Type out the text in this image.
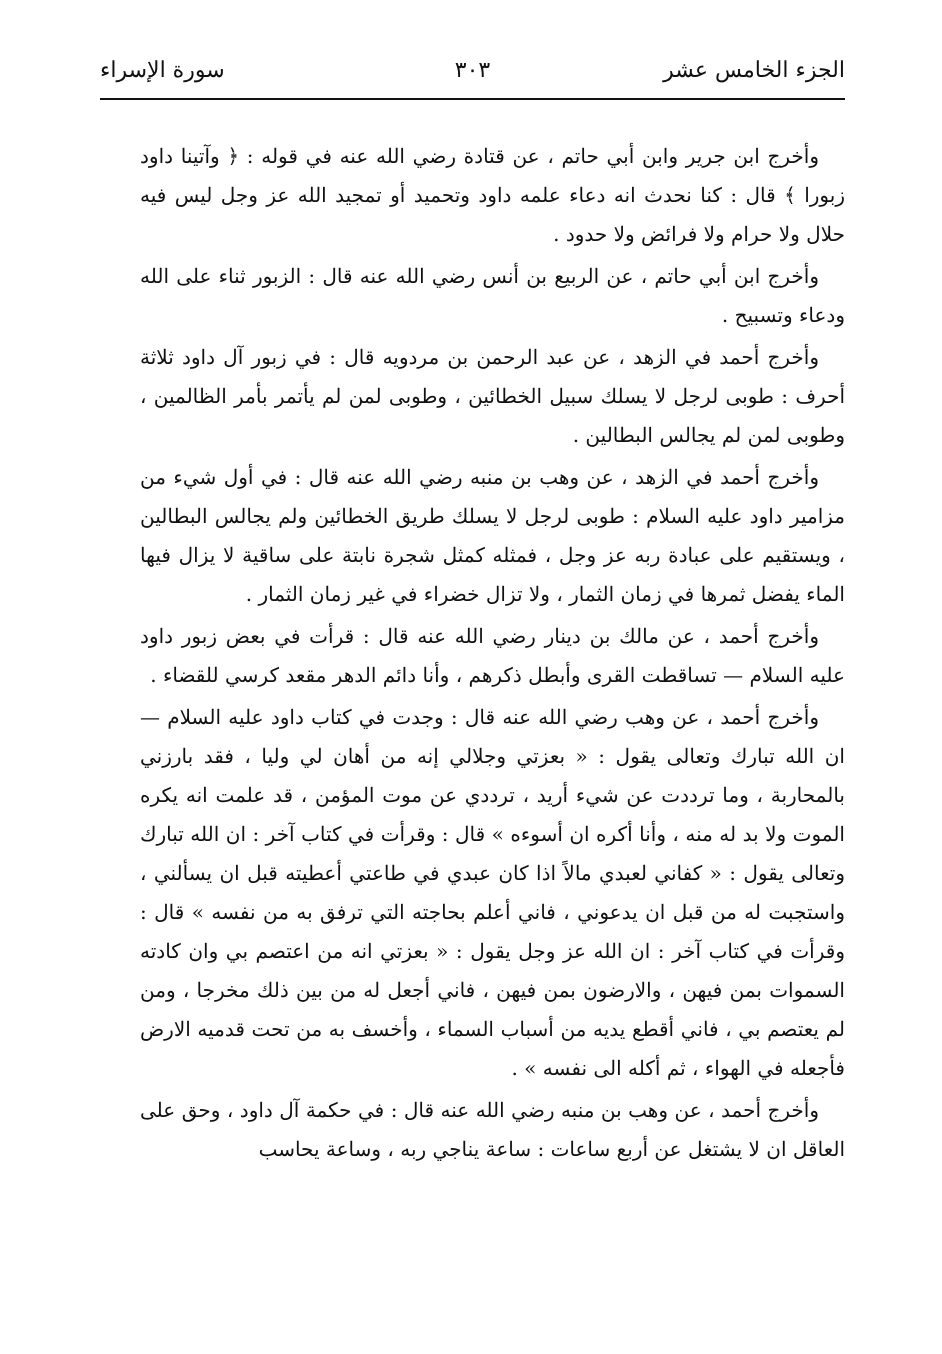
الجزء الخامس عشر
٣٠٣
سورة الإسراء

وأخرج ابن جرير وابن أبي حاتم ، عن قتادة رضي الله عنه في قوله : ﴿ وآتينا داود زبورا ﴾ قال : كنا نحدث انه دعاء علمه داود وتحميد أو تمجيد الله عز وجل ليس فيه حلال ولا حرام ولا فرائض ولا حدود .

وأخرج ابن أبي حاتم ، عن الربيع بن أنس رضي الله عنه قال : الزبور ثناء على الله ودعاء وتسبيح .

وأخرج أحمد في الزهد ، عن عبد الرحمن بن مردويه قال : في زبور آل داود ثلاثة أحرف : طوبى لرجل لا يسلك سبيل الخطائين ، وطوبى لمن لم يأتمر بأمر الظالمين ، وطوبى لمن لم يجالس البطالين .

وأخرج أحمد في الزهد ، عن وهب بن منبه رضي الله عنه قال : في أول شيء من مزامير داود عليه السلام : طوبى لرجل لا يسلك طريق الخطائين ولم يجالس البطالين ، ويستقيم على عبادة ربه عز وجل ، فمثله كمثل شجرة نابتة على ساقية لا يزال فيها الماء يفضل ثمرها في زمان الثمار ، ولا تزال خضراء في غير زمان الثمار .

وأخرج أحمد ، عن مالك بن دينار رضي الله عنه قال : قرأت في بعض زبور داود عليه السلام — تساقطت القرى وأبطل ذكرهم ، وأنا دائم الدهر مقعد كرسي للقضاء .

وأخرج أحمد ، عن وهب رضي الله عنه قال : وجدت في كتاب داود عليه السلام — ان الله تبارك وتعالى يقول : « بعزتي وجلالي إنه من أهان لي وليا ، فقد بارزني بالمحاربة ، وما ترددت عن شيء أريد ، ترددي عن موت المؤمن ، قد علمت انه يكره الموت ولا بد له منه ، وأنا أكره ان أسوءه » قال : وقرأت في كتاب آخر : ان الله تبارك وتعالى يقول : « كفاني لعبدي مالاً اذا كان عبدي في طاعتي أعطيته قبل ان يسألني ، واستجبت له من قبل ان يدعوني ، فاني أعلم بحاجته التي ترفق به من نفسه » قال : وقرأت في كتاب آخر : ان الله عز وجل يقول : « بعزتي انه من اعتصم بي وان كادته السموات بمن فيهن ، والارضون بمن فيهن ، فاني أجعل له من بين ذلك مخرجا ، ومن لم يعتصم بي ، فاني أقطع يديه من أسباب السماء ، وأخسف به من تحت قدميه الارض فأجعله في الهواء ، ثم أكله الى نفسه » .

وأخرج أحمد ، عن وهب بن منبه رضي الله عنه قال : في حكمة آل داود ، وحق على العاقل ان لا يشتغل عن أربع ساعات : ساعة يناجي ربه ، وساعة يحاسب
